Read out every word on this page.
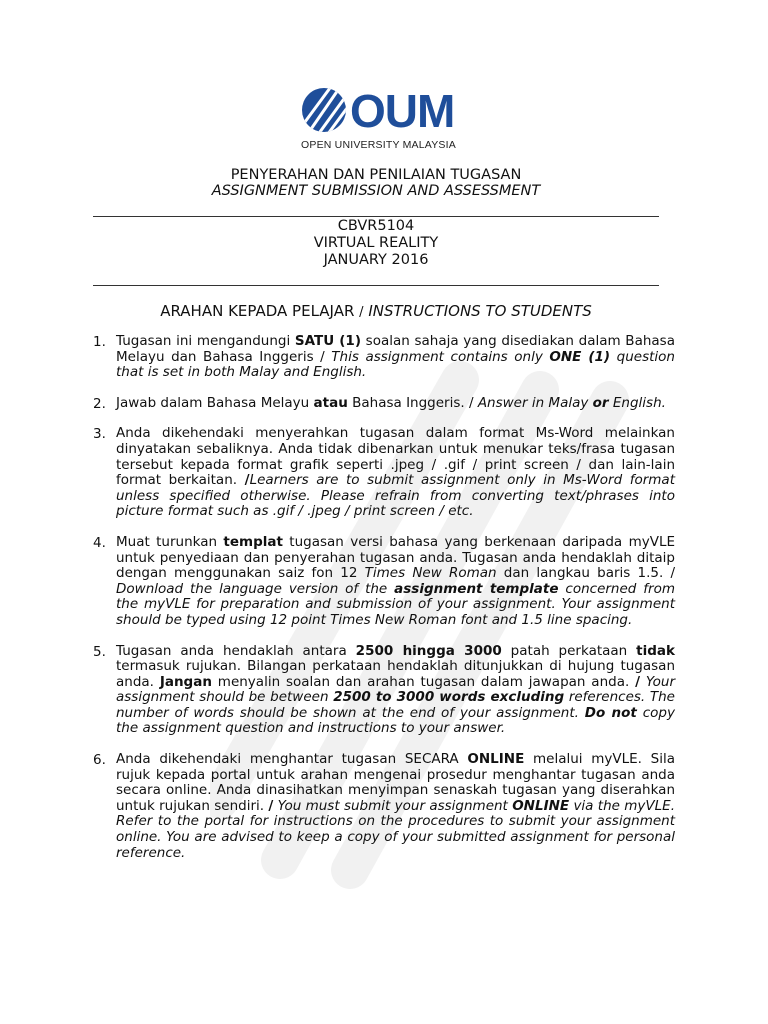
OUM
OPEN UNIVERSITY MALAYSIA
PENYERAHAN DAN PENILAIAN TUGASAN
ASSIGNMENT SUBMISSION AND ASSESSMENT
CBVR5104
VIRTUAL REALITY
JANUARY 2016
ARAHAN KEPADA PELAJAR / INSTRUCTIONS TO STUDENTS
1. Tugasan ini mengandungi SATU (1) soalan sahaja yang disediakan dalam Bahasa Melayu dan Bahasa Inggeris / This assignment contains only ONE (1) question that is set in both Malay and English.
2. Jawab dalam Bahasa Melayu atau Bahasa Inggeris. / Answer in Malay or English.
3. Anda dikehendaki menyerahkan tugasan dalam format Ms-Word melainkan dinyatakan sebaliknya. Anda tidak dibenarkan untuk menukar teks/frasa tugasan tersebut kepada format grafik seperti .jpeg / .gif / print screen / dan lain-lain format berkaitan. /Learners are to submit assignment only in Ms-Word format unless specified otherwise. Please refrain from converting text/phrases into picture format such as .gif / .jpeg / print screen / etc.
4. Muat turunkan templat tugasan versi bahasa yang berkenaan daripada myVLE untuk penyediaan dan penyerahan tugasan anda. Tugasan anda hendaklah ditaip dengan menggunakan saiz fon 12 Times New Roman dan langkau baris 1.5. / Download the language version of the assignment template concerned from the myVLE for preparation and submission of your assignment. Your assignment should be typed using 12 point Times New Roman font and 1.5 line spacing.
5. Tugasan anda hendaklah antara 2500 hingga 3000 patah perkataan tidak termasuk rujukan. Bilangan perkataan hendaklah ditunjukkan di hujung tugasan anda. Jangan menyalin soalan dan arahan tugasan dalam jawapan anda. / Your assignment should be between 2500 to 3000 words excluding references. The number of words should be shown at the end of your assignment. Do not copy the assignment question and instructions to your answer.
6. Anda dikehendaki menghantar tugasan SECARA ONLINE melalui myVLE. Sila rujuk kepada portal untuk arahan mengenai prosedur menghantar tugasan anda secara online. Anda dinasihatkan menyimpan senaskah tugasan yang diserahkan untuk rujukan sendiri. / You must submit your assignment ONLINE via the myVLE. Refer to the portal for instructions on the procedures to submit your assignment online. You are advised to keep a copy of your submitted assignment for personal reference.
